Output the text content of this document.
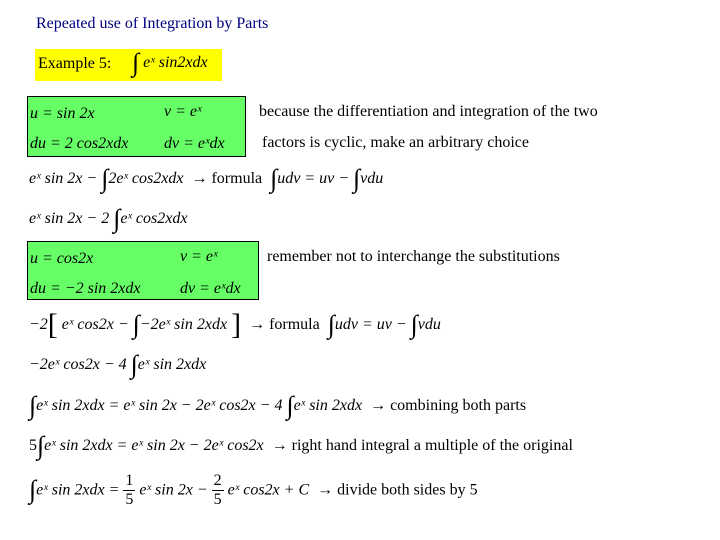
Repeated use of Integration by Parts
Example 5: ∫ eˣ sin2xdx
u = sin 2x	v = eˣ
du = 2 cos2xdx dv = eˣdx
because the differentiation and integration of the two
factors is cyclic, make an arbitrary choice
eˣ sin 2x − ∫2eˣ cos2xdx → formula ∫udv = uv − ∫vdu
eˣ sin 2x − 2 ∫eˣ cos2xdx
u = cos2x	v = eˣ
du = −2 sin 2xdx dv = eˣdx
remember not to interchange the substitutions
−2[ eˣ cos2x − ∫−2eˣ sin 2xdx ] → formula ∫udv = uv − ∫vdu
−2eˣ cos2x − 4 ∫eˣ sin 2xdx
∫eˣ sin 2xdx = eˣ sin 2x − 2eˣ cos2x − 4 ∫eˣ sin 2xdx → combining both parts
5∫eˣ sin 2xdx = eˣ sin 2x − 2eˣ cos2x → right hand integral a multiple of the original
∫eˣ $\sin 2xdx = \frac{1}{5}$ eˣ $\sin 2x - \frac{2}{5}$ eˣ cos2x + C → divide both sides by 5
